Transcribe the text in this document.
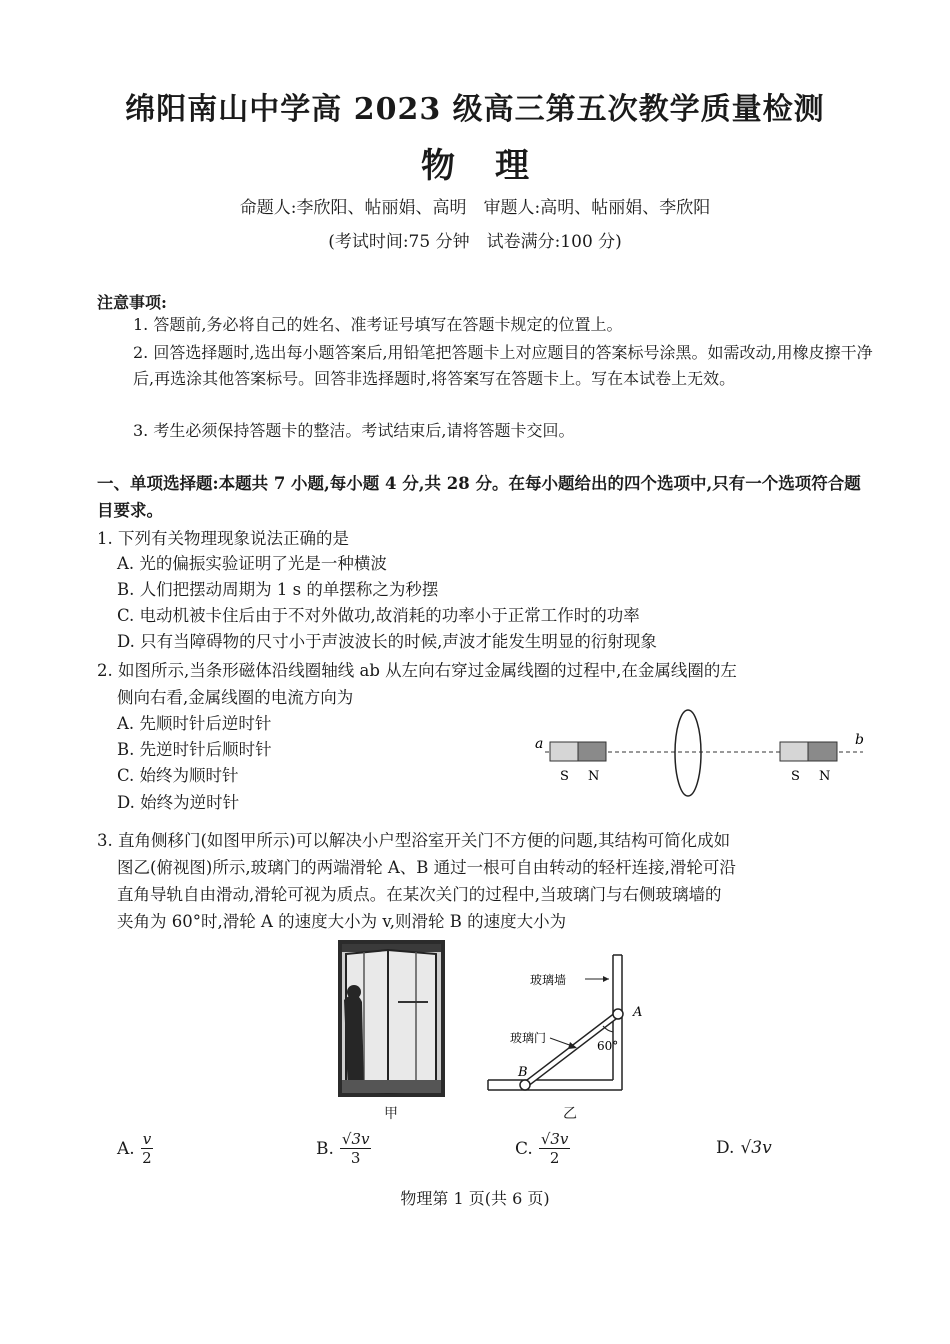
绵阳南山中学高 2023 级高三第五次教学质量检测
物理
命题人:李欣阳、帖丽娟、高明　审题人:高明、帖丽娟、李欣阳
(考试时间:75 分钟　试卷满分:100 分)
注意事项:
1. 答题前,务必将自己的姓名、准考证号填写在答题卡规定的位置上。
2. 回答选择题时,选出每小题答案后,用铅笔把答题卡上对应题目的答案标号涂黑。如需改动,用橡皮擦干净后,再选涂其他答案标号。回答非选择题时,将答案写在答题卡上。写在本试卷上无效。
3. 考生必须保持答题卡的整洁。考试结束后,请将答题卡交回。
一、单项选择题:本题共 7 小题,每小题 4 分,共 28 分。在每小题给出的四个选项中,只有一个选项符合题目要求。
1. 下列有关物理现象说法正确的是
A. 光的偏振实验证明了光是一种横波
B. 人们把摆动周期为 1 s 的单摆称之为秒摆
C. 电动机被卡住后由于不对外做功,故消耗的功率小于正常工作时的功率
D. 只有当障碍物的尺寸小于声波波长的时候,声波才能发生明显的衍射现象
2. 如图所示,当条形磁体沿线圈轴线 ab 从左向右穿过金属线圈的过程中,在金属线圈的左
侧向右看,金属线圈的电流方向为
A. 先顺时针后逆时针
B. 先逆时针后顺时针
C. 始终为顺时针
D. 始终为逆时针
a	b
S N	S N
3. 直角侧移门(如图甲所示)可以解决小户型浴室开关门不方便的问题,其结构可简化成如
图乙(俯视图)所示,玻璃门的两端滑轮 A、B 通过一根可自由转动的轻杆连接,滑轮可沿
直角导轨自由滑动,滑轮可视为质点。在某次关门的过程中,当玻璃门与右侧玻璃墙的
夹角为 60°时,滑轮 A 的速度大小为 v,则滑轮 B 的速度大小为
甲
玻璃墙
玻璃门
60°
A
B
乙
A. $\frac{v}{2}$	B. $\frac{√3v}{3}$	C. $\frac{√3v}{2}$	D. √3v
物理第 1 页(共 6 页)
